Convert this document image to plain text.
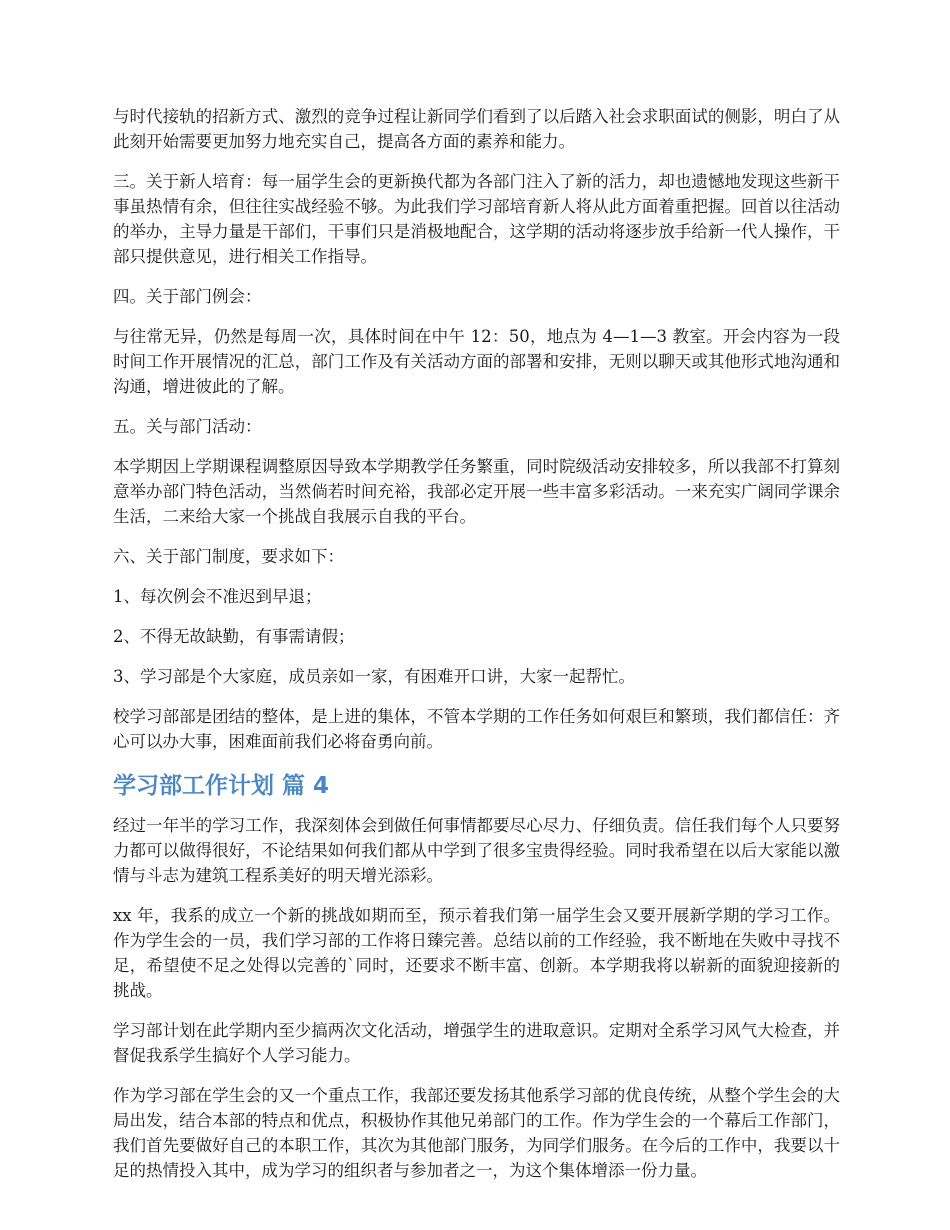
与时代接轨的招新方式、激烈的竞争过程让新同学们看到了以后踏入社会求职面试的侧影，明白了从此刻开始需要更加努力地充实自己，提高各方面的素养和能力。

三。关于新人培育：每一届学生会的更新换代都为各部门注入了新的活力，却也遗憾地发现这些新干事虽热情有余，但往往实战经验不够。为此我们学习部培育新人将从此方面着重把握。回首以往活动的举办，主导力量是干部们，干事们只是消极地配合，这学期的活动将逐步放手给新一代人操作，干部只提供意见，进行相关工作指导。

四。关于部门例会：

与往常无异，仍然是每周一次，具体时间在中午 12：50，地点为 4—1—3 教室。开会内容为一段时间工作开展情况的汇总，部门工作及有关活动方面的部署和安排，无则以聊天或其他形式地沟通和沟通，增进彼此的了解。

五。关与部门活动：

本学期因上学期课程调整原因导致本学期教学任务繁重，同时院级活动安排较多，所以我部不打算刻意举办部门特色活动，当然倘若时间充裕，我部必定开展一些丰富多彩活动。一来充实广阔同学课余生活，二来给大家一个挑战自我展示自我的平台。

六、关于部门制度，要求如下：

1、每次例会不准迟到早退；

2、不得无故缺勤，有事需请假；

3、学习部是个大家庭，成员亲如一家，有困难开口讲，大家一起帮忙。

校学习部部是团结的整体，是上进的集体，不管本学期的工作任务如何艰巨和繁琐，我们都信任：齐心可以办大事，困难面前我们必将奋勇向前。

学习部工作计划 篇 4

经过一年半的学习工作，我深刻体会到做任何事情都要尽心尽力、仔细负责。信任我们每个人只要努力都可以做得很好，不论结果如何我们都从中学到了很多宝贵得经验。同时我希望在以后大家能以激情与斗志为建筑工程系美好的明天增光添彩。

xx 年，我系的成立一个新的挑战如期而至，预示着我们第一届学生会又要开展新学期的学习工作。作为学生会的一员，我们学习部的工作将日臻完善。总结以前的工作经验，我不断地在失败中寻找不足，希望使不足之处得以完善的`同时，还要求不断丰富、创新。本学期我将以崭新的面貌迎接新的挑战。

学习部计划在此学期内至少搞两次文化活动，增强学生的进取意识。定期对全系学习风气大检查，并督促我系学生搞好个人学习能力。

作为学习部在学生会的又一个重点工作，我部还要发扬其他系学习部的优良传统，从整个学生会的大局出发，结合本部的特点和优点，积极协作其他兄弟部门的工作。作为学生会的一个幕后工作部门，我们首先要做好自己的本职工作，其次为其他部门服务，为同学们服务。在今后的工作中，我要以十足的热情投入其中，成为学习的组织者与参加者之一，为这个集体增添一份力量。
